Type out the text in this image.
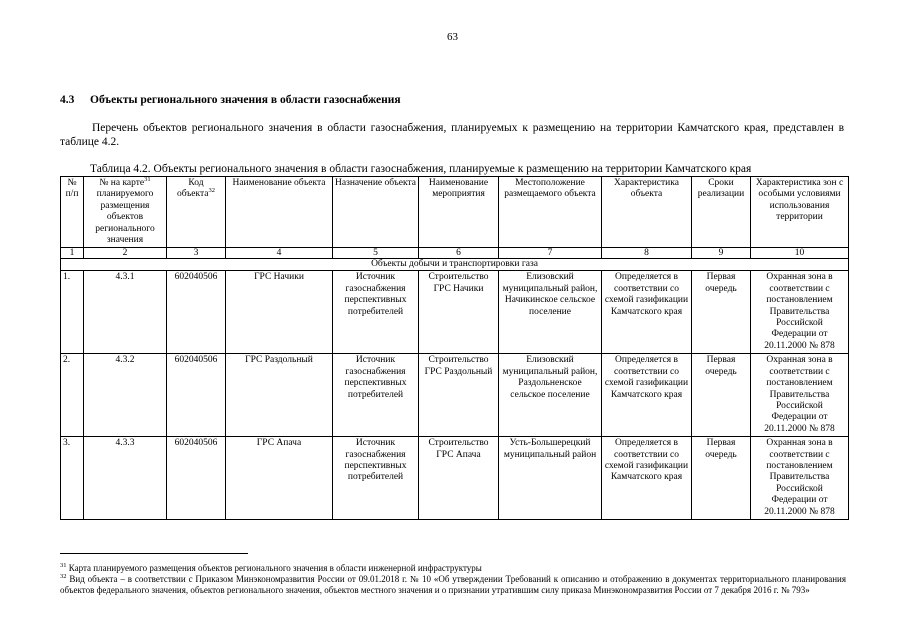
63
4.3 Объекты регионального значения в области газоснабжения
Перечень объектов регионального значения в области газоснабжения, планируемых к размещению на территории Камчатского края, представлен в таблице 4.2.
Таблица 4.2. Объекты регионального значения в области газоснабжения, планируемые к размещению на территории Камчатского края
№ п/п	№ на карте$^{31}$ планируемого размещения объектов регионального значения	Код объекта$^{32}$	Наименование объекта	Назначение объекта	Наименование мероприятия	Местоположение размещаемого объекта	Характеристика объекта	Сроки реализации	Характеристика зон с особыми условиями использования территории
1	2	3	4	5	6	7	8	9	10
Объекты добычи и транспортировки газа									
1.	4.3.1	602040506	ГРС Начики	Источник газоснабжения перспективных потребителей	Строительство ГРС Начики	Елизовский муниципальный район, Начикинское сельское поселение	Определяется в соответствии со схемой газификации Камчатского края	Первая очередь	Охранная зона в соответствии с постановлением Правительства Российской Федерации от 20.11.2000 № 878
2.	4.3.2	602040506	ГРС Раздольный	Источник газоснабжения перспективных потребителей	Строительство ГРС Раздольный	Елизовский муниципальный район, Раздольненское сельское поселение	Определяется в соответствии со схемой газификации Камчатского края	Первая очередь	Охранная зона в соответствии с постановлением Правительства Российской Федерации от 20.11.2000 № 878
3.	4.3.3	602040506	ГРС Апача	Источник газоснабжения перспективных потребителей	Строительство ГРС Апача	Усть-Большерецкий муниципальный район	Определяется в соответствии со схемой газификации Камчатского края	Первая очередь	Охранная зона в соответствии с постановлением Правительства Российской Федерации от 20.11.2000 № 878
$^{31}$ Карта планируемого размещения объектов регионального значения в области инженерной инфраструктуры
$^{32}$ Вид объекта – в соответствии с Приказом Минэкономразвития России от 09.01.2018 г. № 10 «Об утверждении Требований к описанию и отображению в документах территориального планирования объектов федерального значения, объектов регионального значения, объектов местного значения и о признании утратившим силу приказа Минэкономразвития России от 7 декабря 2016 г. № 793»
